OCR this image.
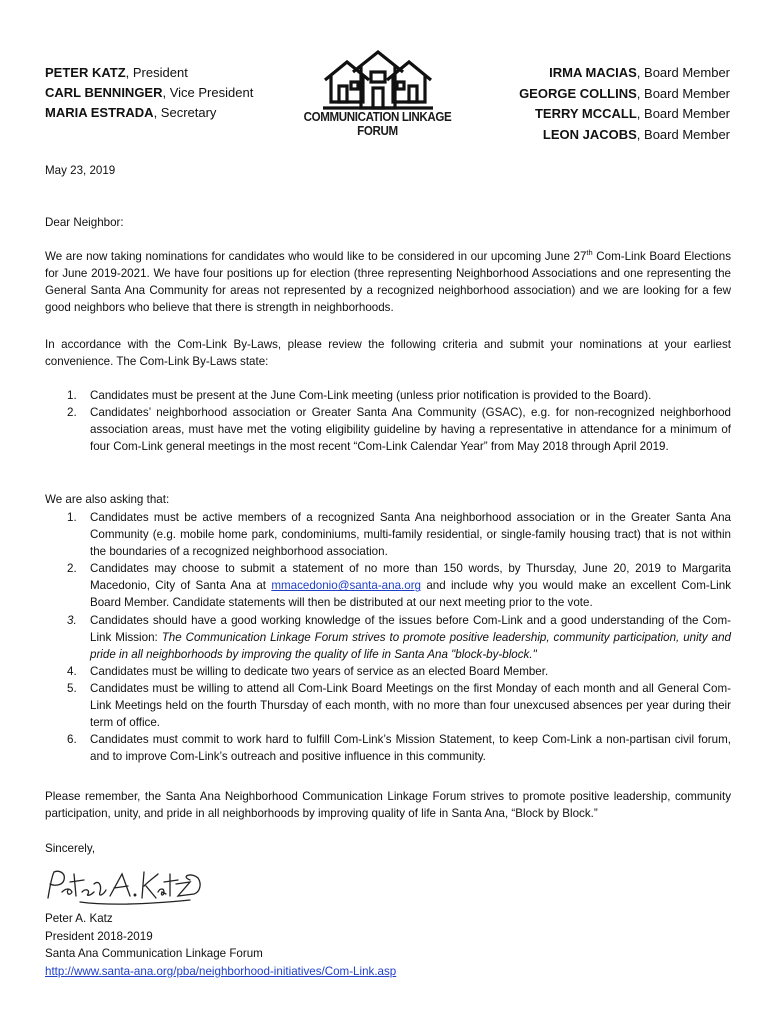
PETER KATZ, President
CARL BENNINGER, Vice President
MARIA ESTRADA, Secretary	COMMUNICATION LINKAGE FORUM
IRMA MACIAS, Board Member
GEORGE COLLINS, Board Member
TERRY MCCALL, Board Member
LEON JACOBS, Board Member
May 23, 2019
Dear Neighbor:
We are now taking nominations for candidates who would like to be considered in our upcoming June 27th Com-Link Board Elections for June 2019-2021. We have four positions up for election (three representing Neighborhood Associations and one representing the General Santa Ana Community for areas not represented by a recognized neighborhood association) and we are looking for a few good neighbors who believe that there is strength in neighborhoods.
In accordance with the Com-Link By-Laws, please review the following criteria and submit your nominations at your earliest convenience. The Com-Link By-Laws state:
1. Candidates must be present at the June Com-Link meeting (unless prior notification is provided to the Board).
2. Candidates’ neighborhood association or Greater Santa Ana Community (GSAC), e.g. for non-recognized neighborhood association areas, must have met the voting eligibility guideline by having a representative in attendance for a minimum of four Com-Link general meetings in the most recent “Com-Link Calendar Year” from May 2018 through April 2019.
We are also asking that:
1. Candidates must be active members of a recognized Santa Ana neighborhood association or in the Greater Santa Ana Community (e.g. mobile home park, condominiums, multi-family residential, or single-family housing tract) that is not within the boundaries of a recognized neighborhood association.
2. Candidates may choose to submit a statement of no more than 150 words, by Thursday, June 20, 2019 to Margarita Macedonio, City of Santa Ana at mmacedonio@santa-ana.org and include why you would make an excellent Com-Link Board Member. Candidate statements will then be distributed at our next meeting prior to the vote.
3. Candidates should have a good working knowledge of the issues before Com-Link and a good understanding of the Com-Link Mission: The Communication Linkage Forum strives to promote positive leadership, community participation, unity and pride in all neighborhoods by improving the quality of life in Santa Ana "block-by-block."
4. Candidates must be willing to dedicate two years of service as an elected Board Member.
5. Candidates must be willing to attend all Com-Link Board Meetings on the first Monday of each month and all General Com-Link Meetings held on the fourth Thursday of each month, with no more than four unexcused absences per year during their term of office.
6. Candidates must commit to work hard to fulfill Com-Link’s Mission Statement, to keep Com-Link a non-partisan civil forum, and to improve Com-Link’s outreach and positive influence in this community.
Please remember, the Santa Ana Neighborhood Communication Linkage Forum strives to promote positive leadership, community participation, unity, and pride in all neighborhoods by improving quality of life in Santa Ana, “Block by Block.”
Sincerely,
Peter A. Katz
President 2018-2019
Santa Ana Communication Linkage Forum
http://www.santa-ana.org/pba/neighborhood-initiatives/Com-Link.asp
